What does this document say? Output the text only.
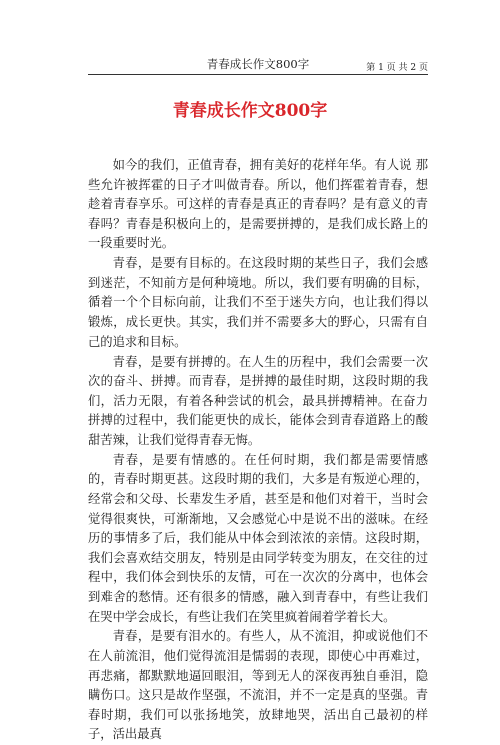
青春成长作文800字	第 1 页 共 2 页
青春成长作文800字

如今的我们，正值青春，拥有美好的花样年华。有人说 那些允许被挥霍的日子才叫做青春。所以，他们挥霍着青春，想趁着青春享乐。可这样的青春是真正的青春吗？是有意义的青春吗？青春是积极向上的，是需要拼搏的，是我们成长路上的一段重要时光。

青春，是要有目标的。在这段时期的某些日子，我们会感到迷茫，不知前方是何种境地。所以，我们要有明确的目标，循着一个个目标向前，让我们不至于迷失方向，也让我们得以锻炼，成长更快。其实，我们并不需要多大的野心，只需有自己的追求和目标。

青春，是要有拼搏的。在人生的历程中，我们会需要一次次的奋斗、拼搏。而青春，是拼搏的最佳时期，这段时期的我们，活力无限，有着各种尝试的机会，最具拼搏精神。在奋力拼搏的过程中，我们能更快的成长，能体会到青春道路上的酸甜苦辣，让我们觉得青春无悔。

青春，是要有情感的。在任何时期，我们都是需要情感的，青春时期更甚。这段时期的我们，大多是有叛逆心理的，经常会和父母、长辈发生矛盾，甚至是和他们对着干，当时会觉得很爽快，可渐渐地，又会感觉心中是说不出的滋味。在经历的事情多了后，我们能从中体会到浓浓的亲情。这段时期，我们会喜欢结交朋友，特别是由同学转变为朋友，在交往的过程中，我们体会到快乐的友情，可在一次次的分离中，也体会到难舍的愁情。还有很多的情感，融入到青春中，有些让我们在哭中学会成长，有些让我们在笑里疯着闹着学着长大。

青春，是要有泪水的。有些人，从不流泪，抑或说他们不在人前流泪，他们觉得流泪是懦弱的表现，即使心中再难过，再悲痛，都默默地逼回眼泪，等到无人的深夜再独自垂泪，隐瞒伤口。这只是故作坚强，不流泪，并不一定是真的坚强。青春时期，我们可以张扬地笑，放肆地哭，活出自己最初的样子，活出最真
